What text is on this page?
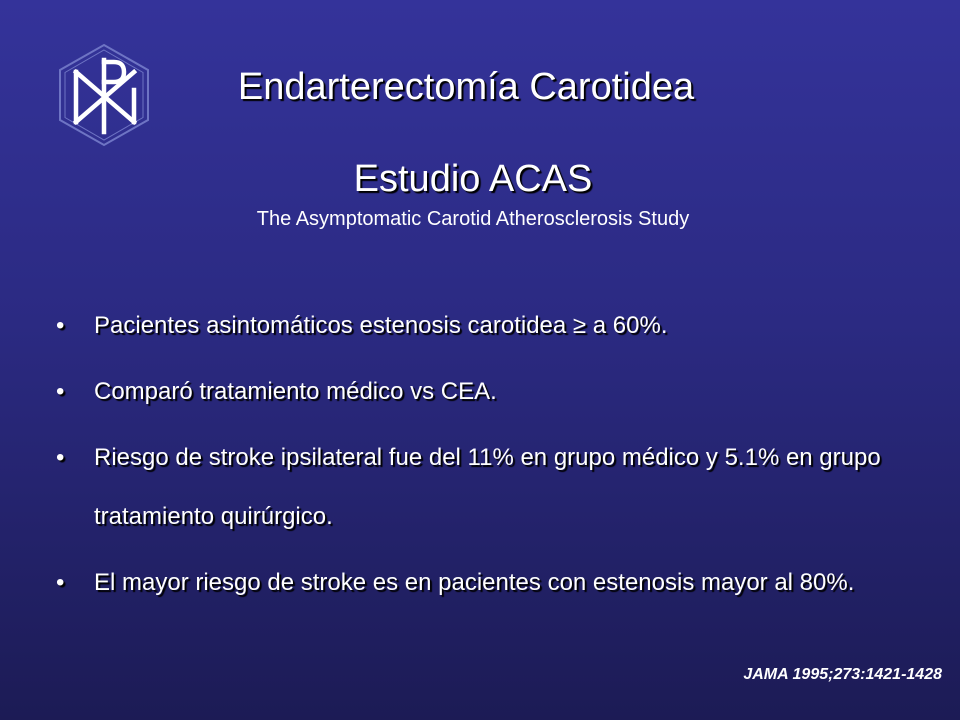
Endarterectomía Carotidea
Estudio ACAS
The Asymptomatic Carotid Atherosclerosis Study
• Pacientes asintomáticos estenosis carotidea ≥ a 60%.
• Comparó tratamiento médico vs CEA.
• Riesgo de stroke ipsilateral fue del 11% en grupo médico y 5.1% en grupo tratamiento quirúrgico.
• El mayor riesgo de stroke es en pacientes con estenosis mayor al 80%.
JAMA 1995;273:1421-1428
